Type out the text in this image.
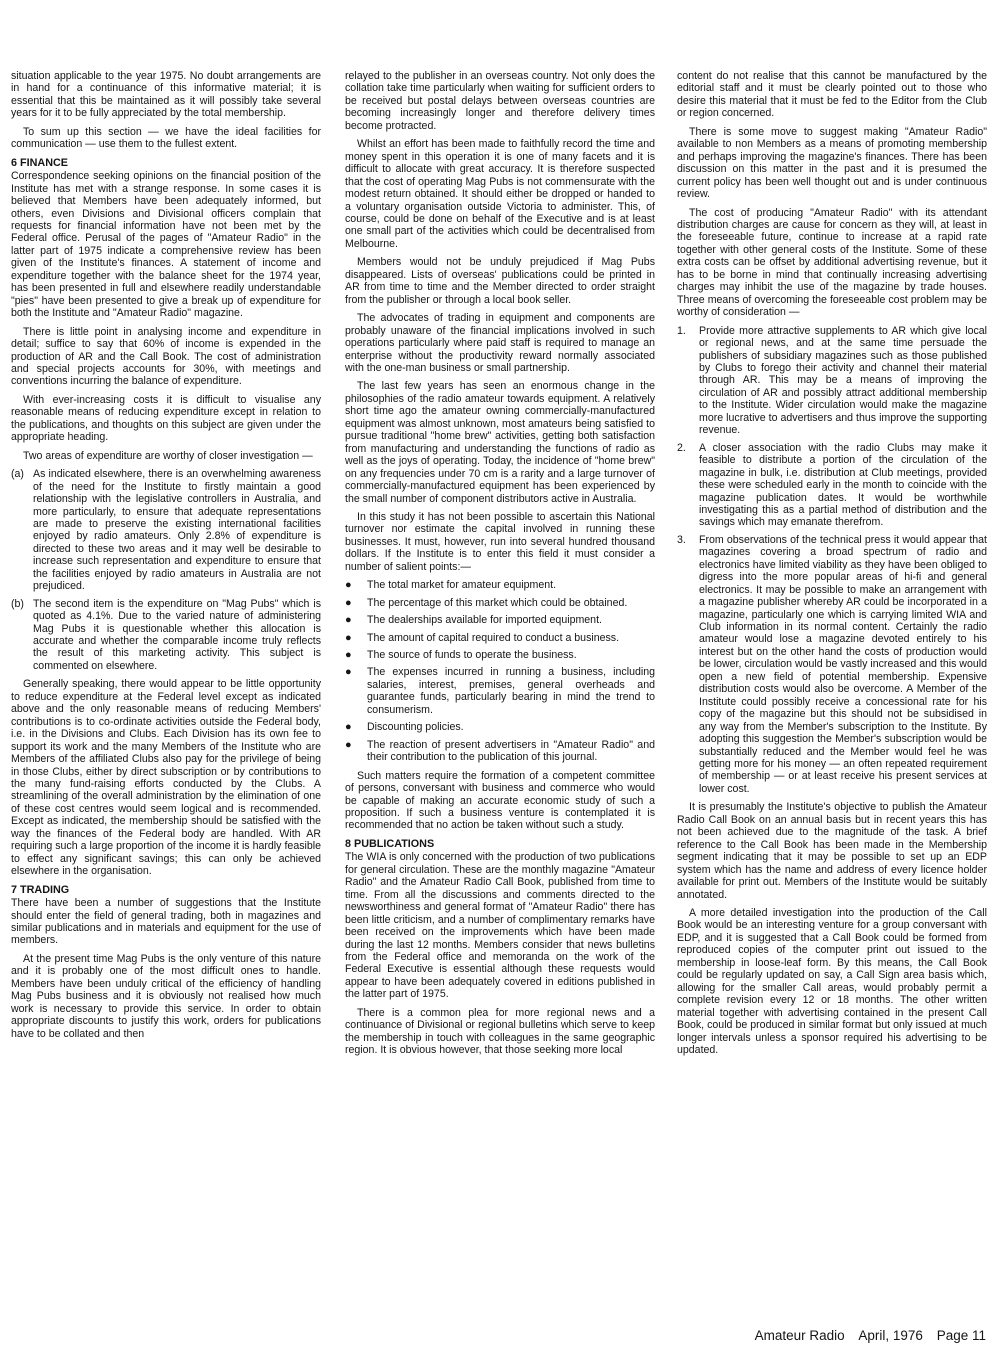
situation applicable to the year 1975. No doubt arrangements are in hand for a continuance of this informative material; it is essential that this be maintained as it will possibly take several years for it to be fully appreciated by the total membership.

To sum up this section — we have the ideal facilities for communication — use them to the fullest extent.

6 FINANCE

Correspondence seeking opinions on the financial position of the Institute has met with a strange response. In some cases it is believed that Members have been adequately informed, but others, even Divisions and Divisional officers complain that requests for financial information have not been met by the Federal office. Perusal of the pages of "Amateur Radio" in the latter part of 1975 indicate a comprehensive review has been given of the Institute's finances. A statement of income and expenditure together with the balance sheet for the 1974 year, has been presented in full and elsewhere readily understandable "pies" have been presented to give a break up of expenditure for both the Institute and "Amateur Radio" magazine.

There is little point in analysing income and expenditure in detail; suffice to say that 60% of income is expended in the production of AR and the Call Book. The cost of administration and special projects accounts for 30%, with meetings and conventions incurring the balance of expenditure.

With ever-increasing costs it is difficult to visualise any reasonable means of reducing expenditure except in relation to the publications, and thoughts on this subject are given under the appropriate heading.

Two areas of expenditure are worthy of closer investigation —

(a) As indicated elsewhere, there is an overwhelming awareness of the need for the Institute to firstly maintain a good relationship with the legislative controllers in Australia, and more particularly, to ensure that adequate representations are made to preserve the existing international facilities enjoyed by radio amateurs. Only 2.8% of expenditure is directed to these two areas and it may well be desirable to increase such representation and expenditure to ensure that the facilities enjoyed by radio amateurs in Australia are not prejudiced.
(b) The second item is the expenditure on "Mag Pubs" which is quoted as 4.1%. Due to the varied nature of administering Mag Pubs it is questionable whether this allocation is accurate and whether the comparable income truly reflects the result of this marketing activity. This subject is commented on elsewhere.

Generally speaking, there would appear to be little opportunity to reduce expenditure at the Federal level except as indicated above and the only reasonable means of reducing Members' contributions is to co-ordinate activities outside the Federal body, i.e. in the Divisions and Clubs. Each Division has its own fee to support its work and the many Members of the Institute who are Members of the affiliated Clubs also pay for the privilege of being in those Clubs, either by direct subscription or by contributions to the many fund-raising efforts conducted by the Clubs. A streamlining of the overall administration by the elimination of one of these cost centres would seem logical and is recommended. Except as indicated, the membership should be satisfied with the way the finances of the Federal body are handled. With AR requiring such a large proportion of the income it is hardly feasible to effect any significant savings; this can only be achieved elsewhere in the organisation.

7 TRADING

There have been a number of suggestions that the Institute should enter the field of general trading, both in magazines and similar publications and in materials and equipment for the use of members.

At the present time Mag Pubs is the only venture of this nature and it is probably one of the most difficult ones to handle. Members have been unduly critical of the efficiency of handling Mag Pubs business and it is obviously not realised how much work is necessary to provide this service. In order to obtain appropriate discounts to justify this work, orders for publications have to be collated and then

relayed to the publisher in an overseas country. Not only does the collation take time particularly when waiting for sufficient orders to be received but postal delays between overseas countries are becoming increasingly longer and therefore delivery times become protracted.

Whilst an effort has been made to faithfully record the time and money spent in this operation it is one of many facets and it is difficult to allocate with great accuracy. It is therefore suspected that the cost of operating Mag Pubs is not commensurate with the modest return obtained. It should either be dropped or handed to a voluntary organisation outside Victoria to administer. This, of course, could be done on behalf of the Executive and is at least one small part of the activities which could be decentralised from Melbourne.

Members would not be unduly prejudiced if Mag Pubs disappeared. Lists of overseas' publications could be printed in AR from time to time and the Member directed to order straight from the publisher or through a local book seller.

The advocates of trading in equipment and components are probably unaware of the financial implications involved in such operations particularly where paid staff is required to manage an enterprise without the productivity reward normally associated with the one-man business or small partnership.

The last few years has seen an enormous change in the philosophies of the radio amateur towards equipment. A relatively short time ago the amateur owning commercially-manufactured equipment was almost unknown, most amateurs being satisfied to pursue traditional "home brew" activities, getting both satisfaction from manufacturing and understanding the functions of radio as well as the joys of operating. Today, the incidence of "home brew" on any frequencies under 70 cm is a rarity and a large turnover of commercially-manufactured equipment has been experienced by the small number of component distributors active in Australia.

In this study it has not been possible to ascertain this National turnover nor estimate the capital involved in running these businesses. It must, however, run into several hundred thousand dollars. If the Institute is to enter this field it must consider a number of salient points:—

●	The total market for amateur equipment.
●	The percentage of this market which could be obtained.
●	The dealerships available for imported equipment.
●	The amount of capital required to conduct a business.
●	The source of funds to operate the business.
●	The expenses incurred in running a business, including salaries, interest, premises, general overheads and guarantee funds, particularly bearing in mind the trend to consumerism.
●	Discounting policies.
●	The reaction of present advertisers in "Amateur Radio" and their contribution to the publication of this journal.

Such matters require the formation of a competent committee of persons, conversant with business and commerce who would be capable of making an accurate economic study of such a proposition. If such a business venture is contemplated it is recommended that no action be taken without such a study.

8 PUBLICATIONS

The WIA is only concerned with the production of two publications for general circulation. These are the monthly magazine "Amateur Radio" and the Amateur Radio Call Book, published from time to time. From all the discussions and comments directed to the newsworthiness and general format of "Amateur Radio" there has been little criticism, and a number of complimentary remarks have been received on the improvements which have been made during the last 12 months. Members consider that news bulletins from the Federal office and memoranda on the work of the Federal Executive is essential although these requests would appear to have been adequately covered in editions published in the latter part of 1975.

There is a common plea for more regional news and a continuance of Divisional or regional bulletins which serve to keep the membership in touch with colleagues in the same geographic region. It is obvious however, that those seeking more local

content do not realise that this cannot be manufactured by the editorial staff and it must be clearly pointed out to those who desire this material that it must be fed to the Editor from the Club or region concerned.

There is some move to suggest making "Amateur Radio" available to non Members as a means of promoting membership and perhaps improving the magazine's finances. There has been discussion on this matter in the past and it is presumed the current policy has been well thought out and is under continuous review.

The cost of producing "Amateur Radio" with its attendant distribution charges are cause for concern as they will, at least in the foreseeable future, continue to increase at a rapid rate together with other general costs of the Institute. Some of these extra costs can be offset by additional advertising revenue, but it has to be borne in mind that continually increasing advertising charges may inhibit the use of the magazine by trade houses. Three means of overcoming the foreseeable cost problem may be worthy of consideration —

1.	Provide more attractive supplements to AR which give local or regional news, and at the same time persuade the publishers of subsidiary magazines such as those published by Clubs to forego their activity and channel their material through AR. This may be a means of improving the circulation of AR and possibly attract additional membership to the Institute. Wider circulation would make the magazine more lucrative to advertisers and thus improve the supporting revenue.
2.	A closer association with the radio Clubs may make it feasible to distribute a portion of the circulation of the magazine in bulk, i.e. distribution at Club meetings, provided these were scheduled early in the month to coincide with the magazine publication dates. It would be worthwhile investigating this as a partial method of distribution and the savings which may emanate therefrom.
3.	From observations of the technical press it would appear that magazines covering a broad spectrum of radio and electronics have limited viability as they have been obliged to digress into the more popular areas of hi-fi and general electronics. It may be possible to make an arrangement with a magazine publisher whereby AR could be incorporated in a magazine, particularly one which is carrying limited WIA and Club information in its normal content. Certainly the radio amateur would lose a magazine devoted entirely to his interest but on the other hand the costs of production would be lower, circulation would be vastly increased and this would open a new field of potential membership. Expensive distribution costs would also be overcome. A Member of the Institute could possibly receive a concessional rate for his copy of the magazine but this should not be subsidised in any way from the Member's subscription to the Institute. By adopting this suggestion the Member's subscription would be substantially reduced and the Member would feel he was getting more for his money — an often repeated requirement of membership — or at least receive his present services at lower cost.

It is presumably the Institute's objective to publish the Amateur Radio Call Book on an annual basis but in recent years this has not been achieved due to the magnitude of the task. A brief reference to the Call Book has been made in the Membership segment indicating that it may be possible to set up an EDP system which has the name and address of every licence holder available for print out. Members of the Institute would be suitably annotated.

A more detailed investigation into the production of the Call Book would be an interesting venture for a group conversant with EDP, and it is suggested that a Call Book could be formed from reproduced copies of the computer print out issued to the membership in loose-leaf form. By this means, the Call Book could be regularly updated on say, a Call Sign area basis which, allowing for the smaller Call areas, would probably permit a complete revision every 12 or 18 months. The other written material together with advertising contained in the present Call Book, could be produced in similar format but only issued at much longer intervals unless a sponsor required his advertising to be updated.

Amateur Radio April, 1976 Page 11
